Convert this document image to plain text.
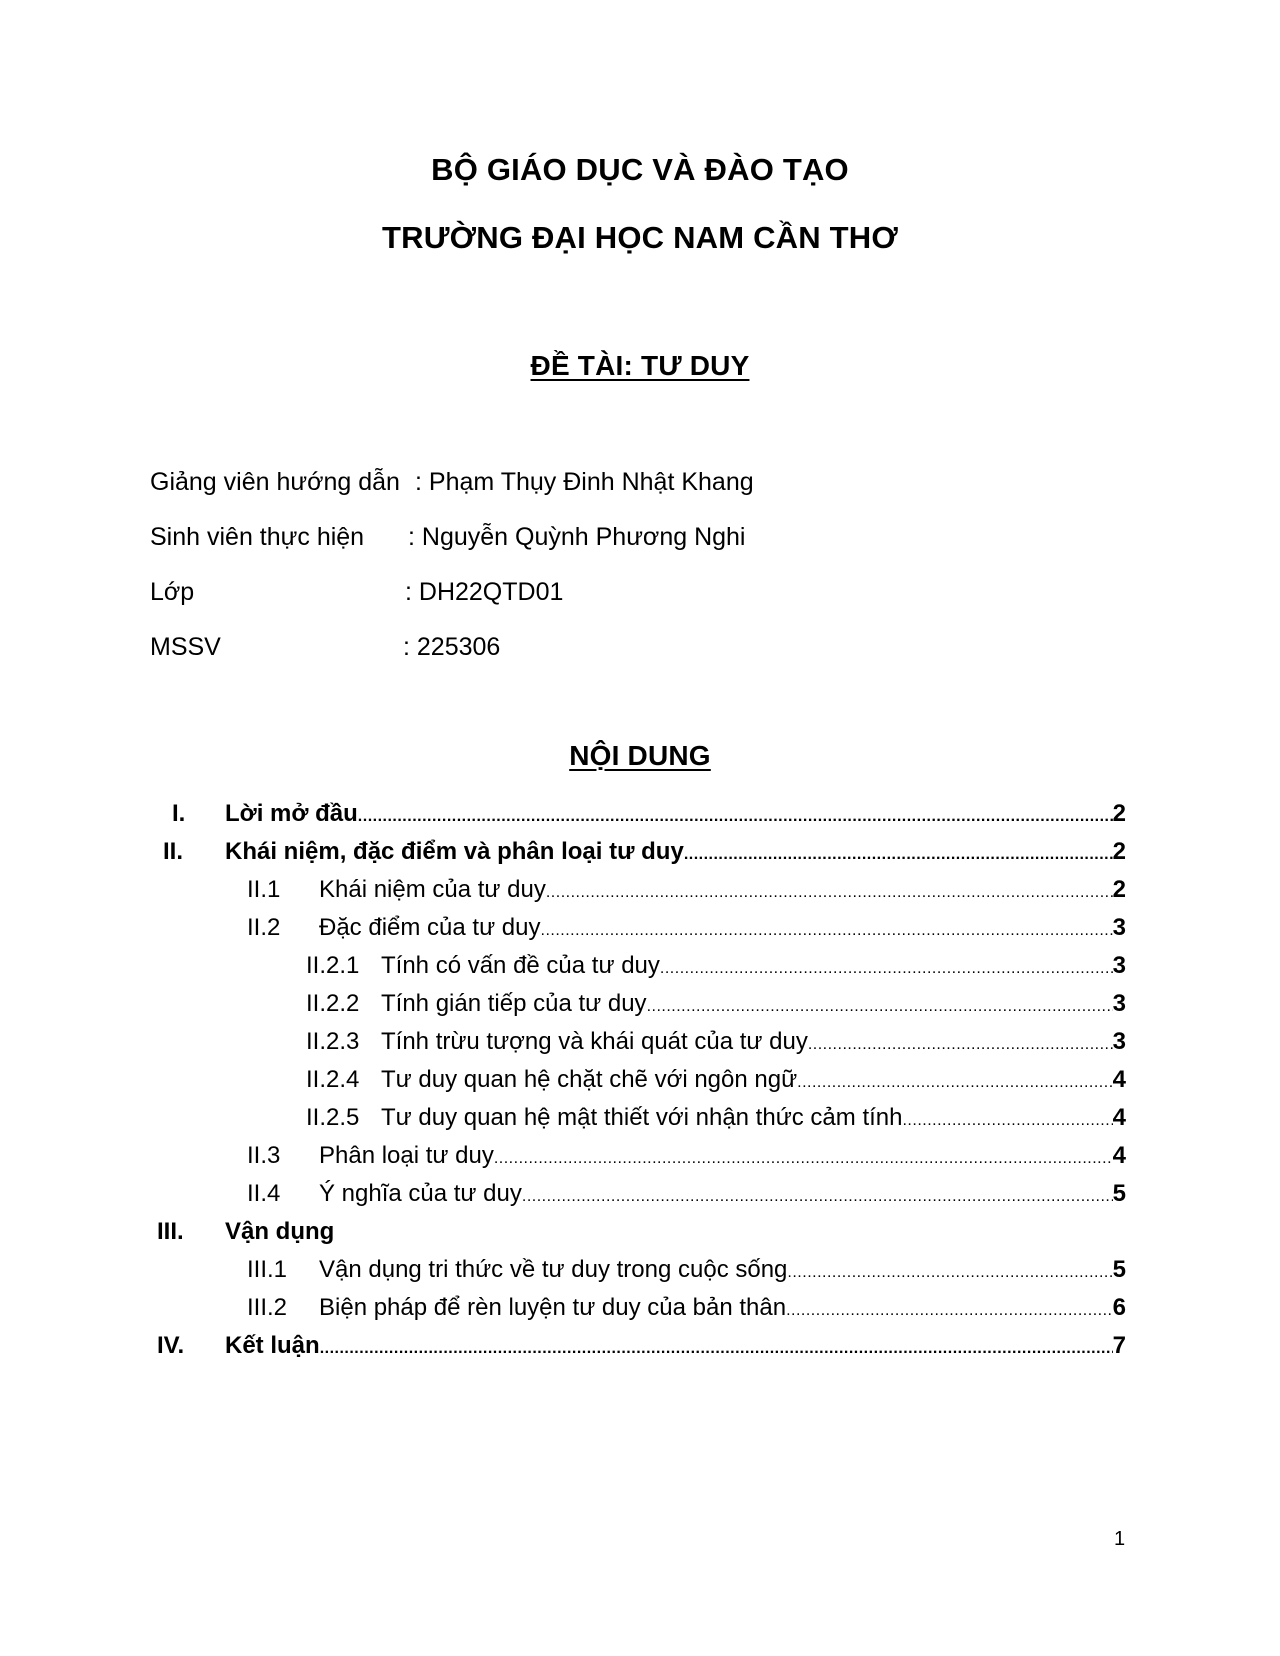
BỘ GIÁO DỤC VÀ ĐÀO TẠO
TRƯỜNG ĐẠI HỌC NAM CẦN THƠ
ĐỀ TÀI: TƯ DUY
Giảng viên hướng dẫn : Phạm Thụy Đinh Nhật Khang
Sinh viên thực hiện : Nguyễn Quỳnh Phương Nghi
Lớp	: DH22QTD01
MSSV	: 225306
NỘI DUNG
I. Lời mở đầu .....	2
II. Khái niệm, đặc điểm và phân loại tư duy .....	2
II.1 Khái niệm của tư duy .....	2
II.2 Đặc điểm của tư duy .....	3
II.2.1 Tính có vấn đề của tư duy .....	3
II.2.2 Tính gián tiếp của tư duy .....	3
II.2.3 Tính trừu tượng và khái quát của tư duy .....	3
II.2.4 Tư duy quan hệ chặt chẽ với ngôn ngữ .....	4
II.2.5 Tư duy quan hệ mật thiết với nhận thức cảm tính .....	4
II.3 Phân loại tư duy .....	4
II.4 Ý nghĩa của tư duy .....	5
III. Vận dụng
III.1 Vận dụng tri thức về tư duy trong cuộc sống .....	5
III.2 Biện pháp để rèn luyện tư duy của bản thân .....	6
IV. Kết luận .....	7
1
